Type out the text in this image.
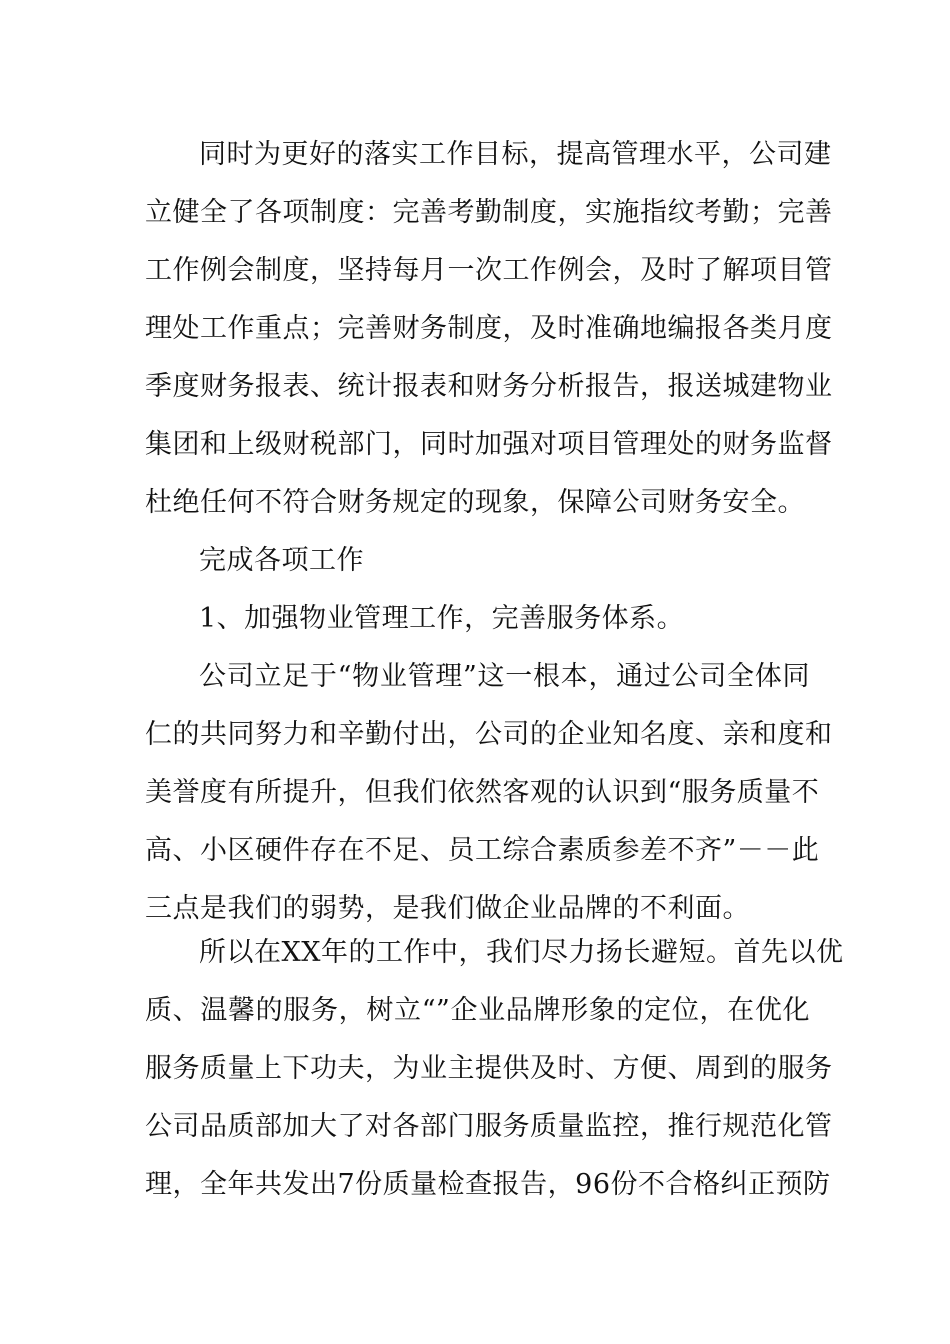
同时为更好的落实工作目标，提高管理水平，公司建
立健全了各项制度：完善考勤制度，实施指纹考勤；完善
工作例会制度，坚持每月一次工作例会，及时了解项目管
理处工作重点；完善财务制度，及时准确地编报各类月度
季度财务报表、统计报表和财务分析报告，报送城建物业
集团和上级财税部门，同时加强对项目管理处的财务监督
杜绝任何不符合财务规定的现象，保障公司财务安全。
完成各项工作
1、加强物业管理工作，完善服务体系。
公司立足于“物业管理”这一根本，通过公司全体同
仁的共同努力和辛勤付出，公司的企业知名度、亲和度和
美誉度有所提升，但我们依然客观的认识到“服务质量不
高、小区硬件存在不足、员工综合素质参差不齐”－－此
三点是我们的弱势，是我们做企业品牌的不利面。
所以在XX年的工作中，我们尽力扬长避短。首先以优
质、温馨的服务，树立“”企业品牌形象的定位，在优化
服务质量上下功夫，为业主提供及时、方便、周到的服务
公司品质部加大了对各部门服务质量监控，推行规范化管
理，全年共发出7份质量检查报告，96份不合格纠正预防
